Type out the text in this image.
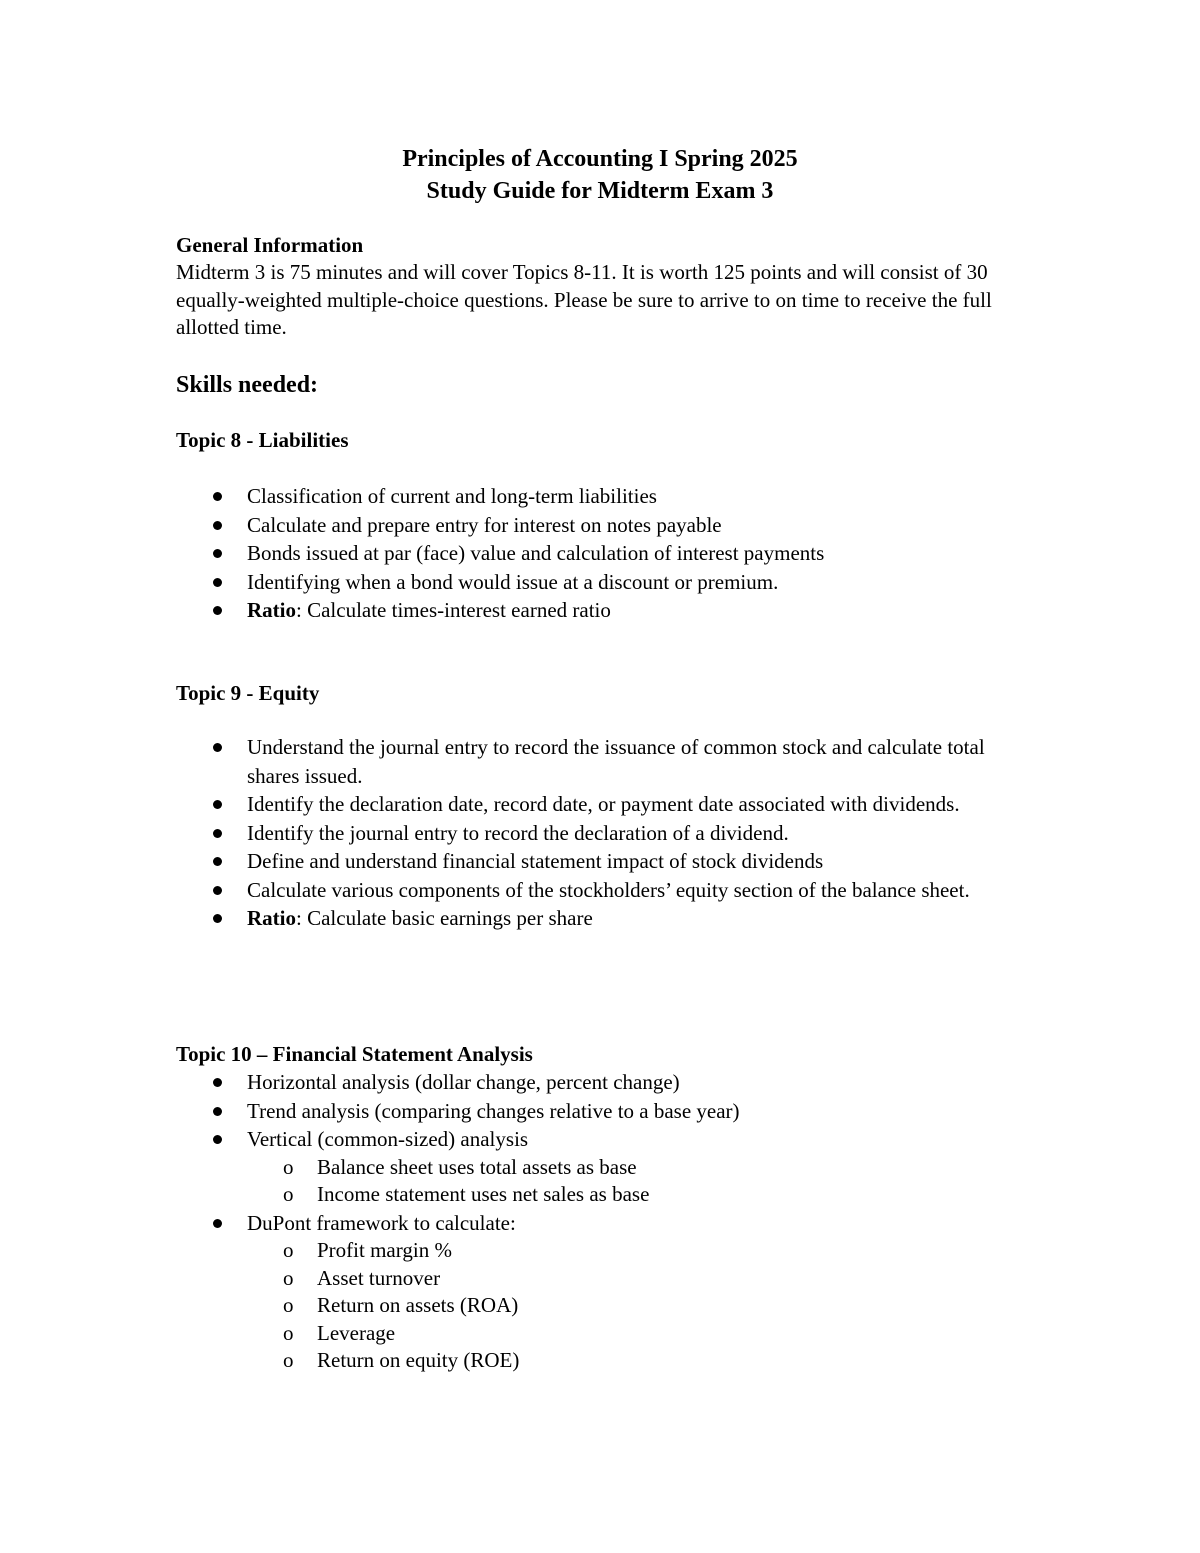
Principles of Accounting I Spring 2025
Study Guide for Midterm Exam 3
General Information
Midterm 3 is 75 minutes and will cover Topics 8-11. It is worth 125 points and will consist of 30 equally-weighted multiple-choice questions. Please be sure to arrive to on time to receive the full allotted time.
Skills needed:
Topic 8 - Liabilities
Classification of current and long-term liabilities
Calculate and prepare entry for interest on notes payable
Bonds issued at par (face) value and calculation of interest payments
Identifying when a bond would issue at a discount or premium.
Ratio: Calculate times-interest earned ratio
Topic 9 - Equity
Understand the journal entry to record the issuance of common stock and calculate total shares issued.
Identify the declaration date, record date, or payment date associated with dividends.
Identify the journal entry to record the declaration of a dividend.
Define and understand financial statement impact of stock dividends
Calculate various components of the stockholders’ equity section of the balance sheet.
Ratio: Calculate basic earnings per share
Topic 10 – Financial Statement Analysis
Horizontal analysis (dollar change, percent change)
Trend analysis (comparing changes relative to a base year)
Vertical (common-sized) analysis
o Balance sheet uses total assets as base
o Income statement uses net sales as base
DuPont framework to calculate:
o Profit margin %
o Asset turnover
o Return on assets (ROA)
o Leverage
o Return on equity (ROE)
